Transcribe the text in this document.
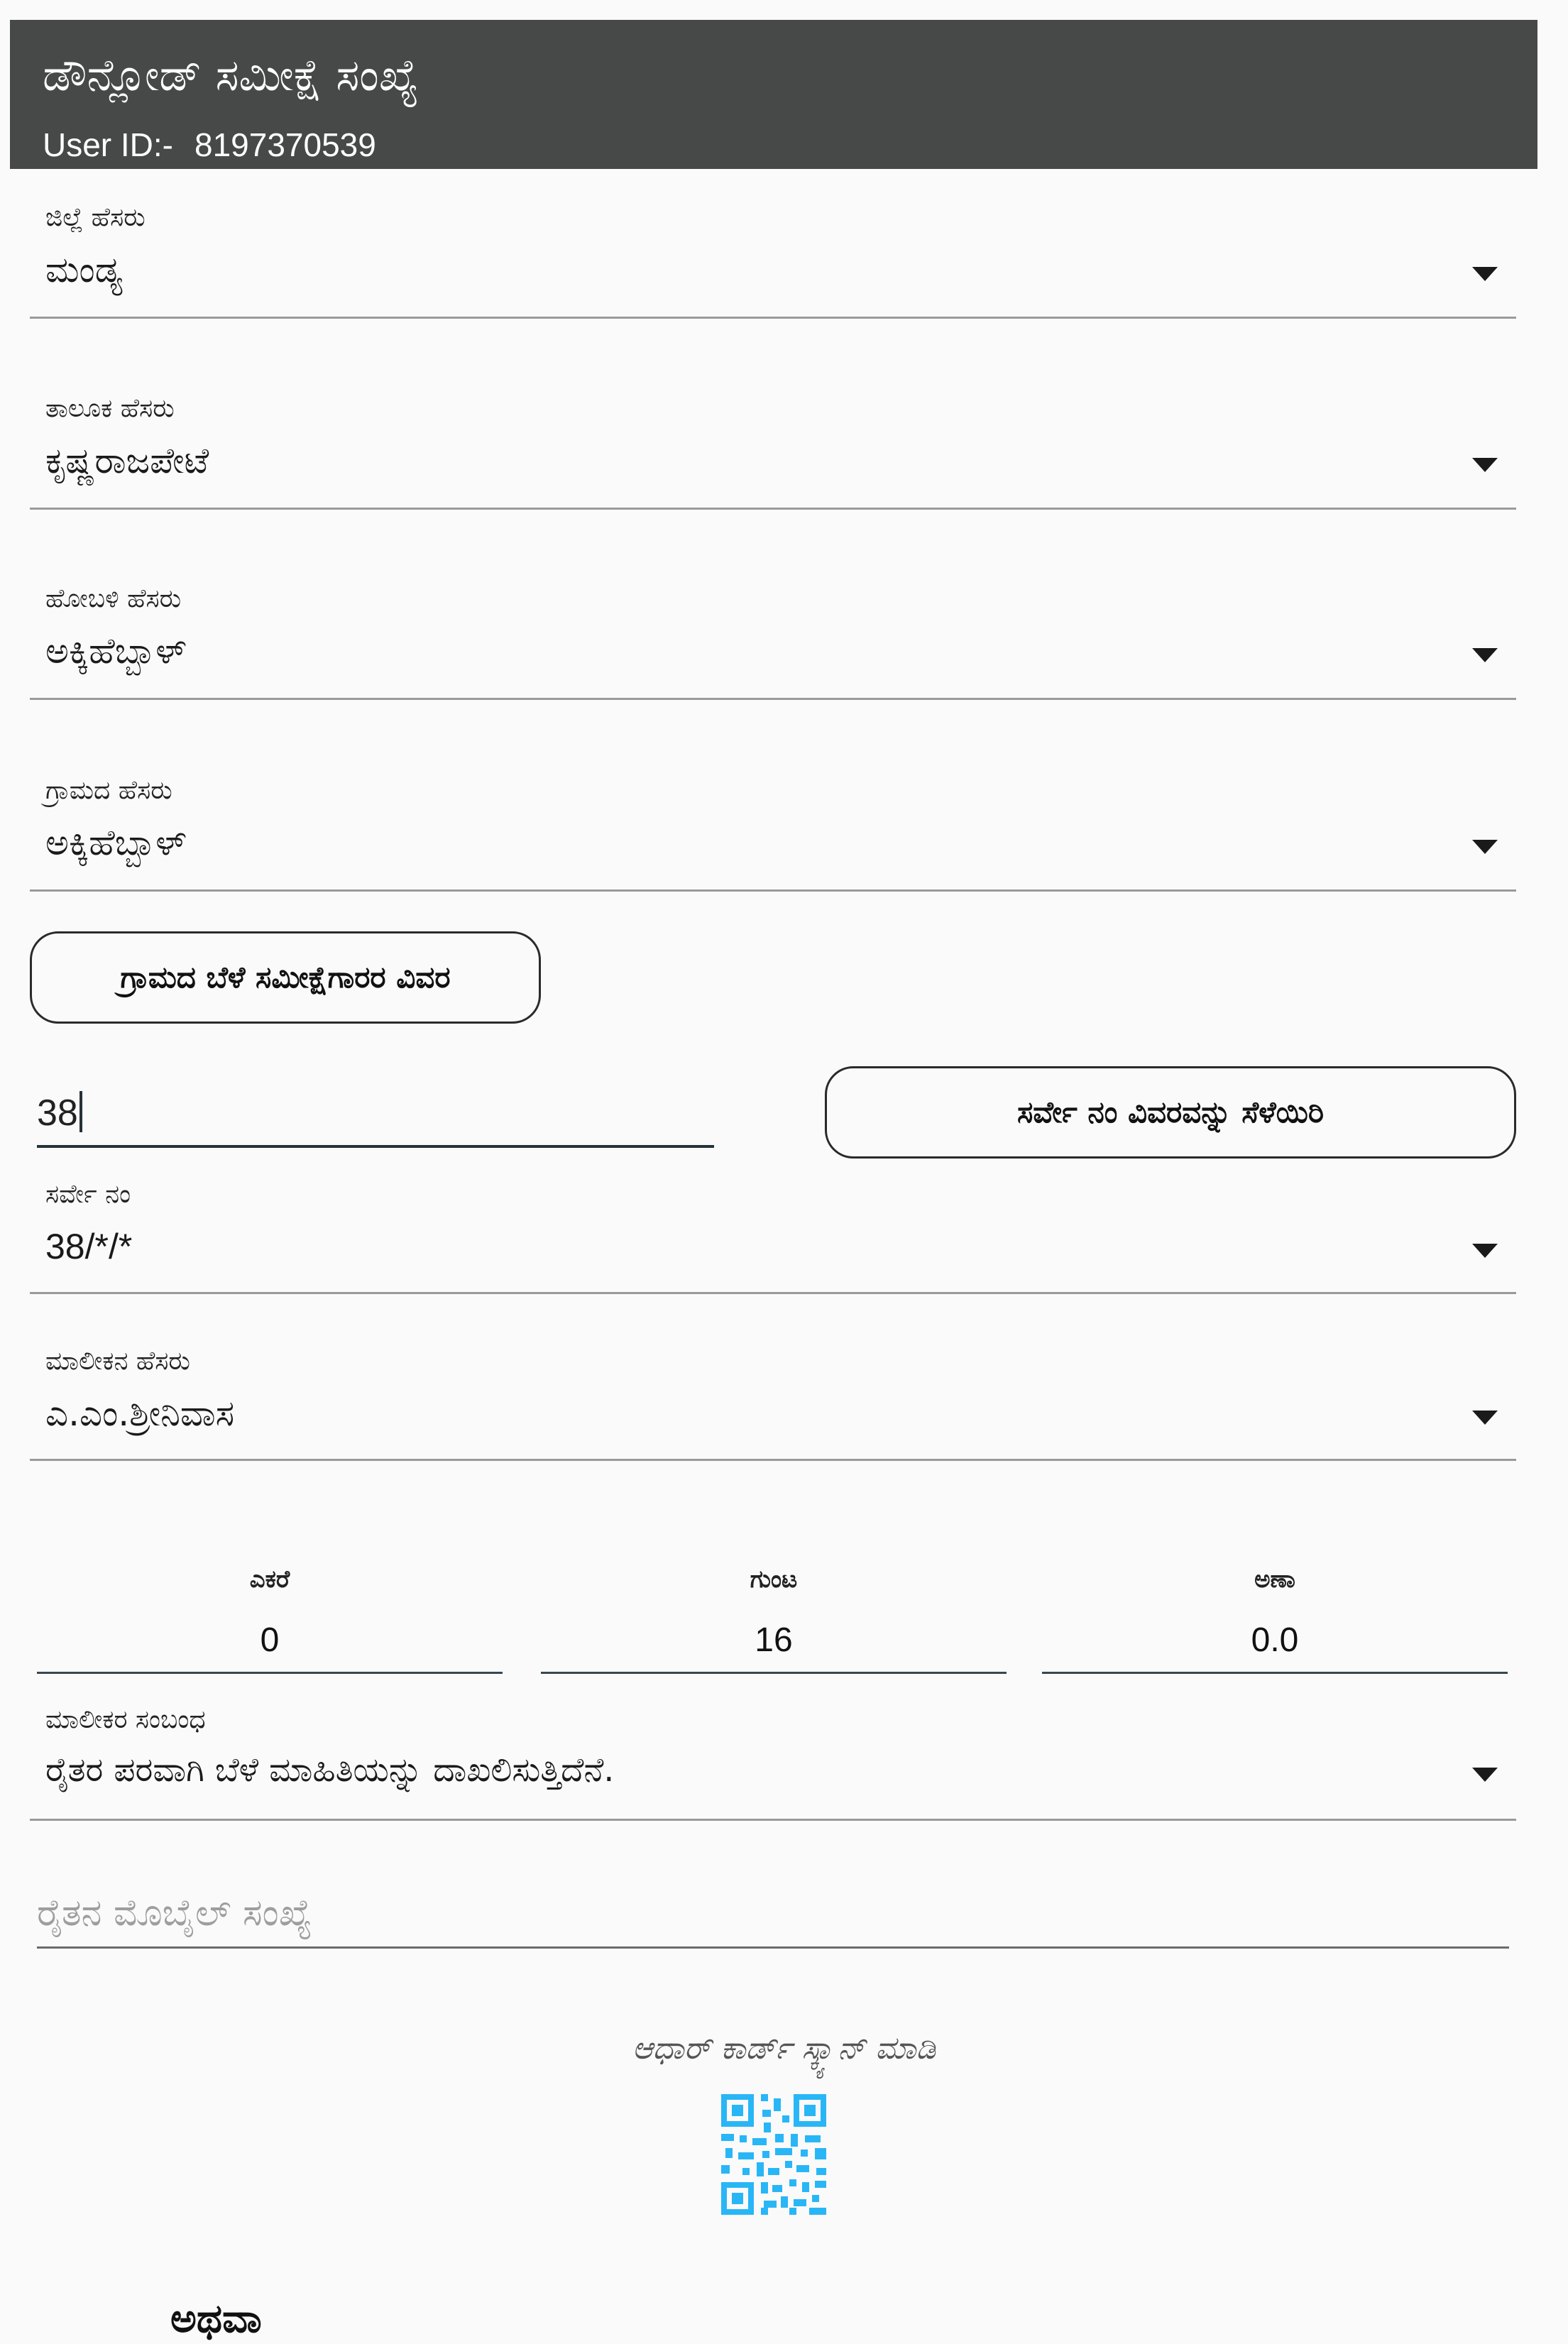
ಡೌನ್ಲೋಡ್ ಸಮೀಕ್ಷೆ ಸಂಖ್ಯೆ
User ID:- 8197370539
ಜಿಲ್ಲೆ ಹೆಸರು
ಮಂಡ್ಯ
ತಾಲೂಕ ಹೆಸರು
ಕೃಷ್ಣರಾಜಪೇಟೆ
ಹೋಬಳಿ ಹೆಸರು
ಅಕ್ಕಿಹೆಬ್ಬಾಳ್
ಗ್ರಾಮದ ಹೆಸರು
ಅಕ್ಕಿಹೆಬ್ಬಾಳ್
ಗ್ರಾಮದ ಬೆಳೆ ಸಮೀಕ್ಷೆಗಾರರ ವಿವರ
38	ಸರ್ವೇ ನಂ ವಿವರವನ್ನು ಸೆಳೆಯಿರಿ
ಸರ್ವೇ ನಂ
38/*/*
ಮಾಲೀಕನ ಹೆಸರು
ಎ.ಎಂ.ಶ್ರೀನಿವಾಸ
ಎಕರೆ
0
ಗುಂಟ
16
ಅಣಾ
0.0
ಮಾಲೀಕರ ಸಂಬಂಧ
ರೈತರ ಪರವಾಗಿ ಬೆಳೆ ಮಾಹಿತಿಯನ್ನು ದಾಖಲಿಸುತ್ತಿದೆನೆ.
ರೈತನ ಮೊಬೈಲ್ ಸಂಖ್ಯೆ
ಆಧಾರ್ ಕಾರ್ಡ್ ಸ್ಕ್ಯಾನ್ ಮಾಡಿ
ಅಥವಾ
